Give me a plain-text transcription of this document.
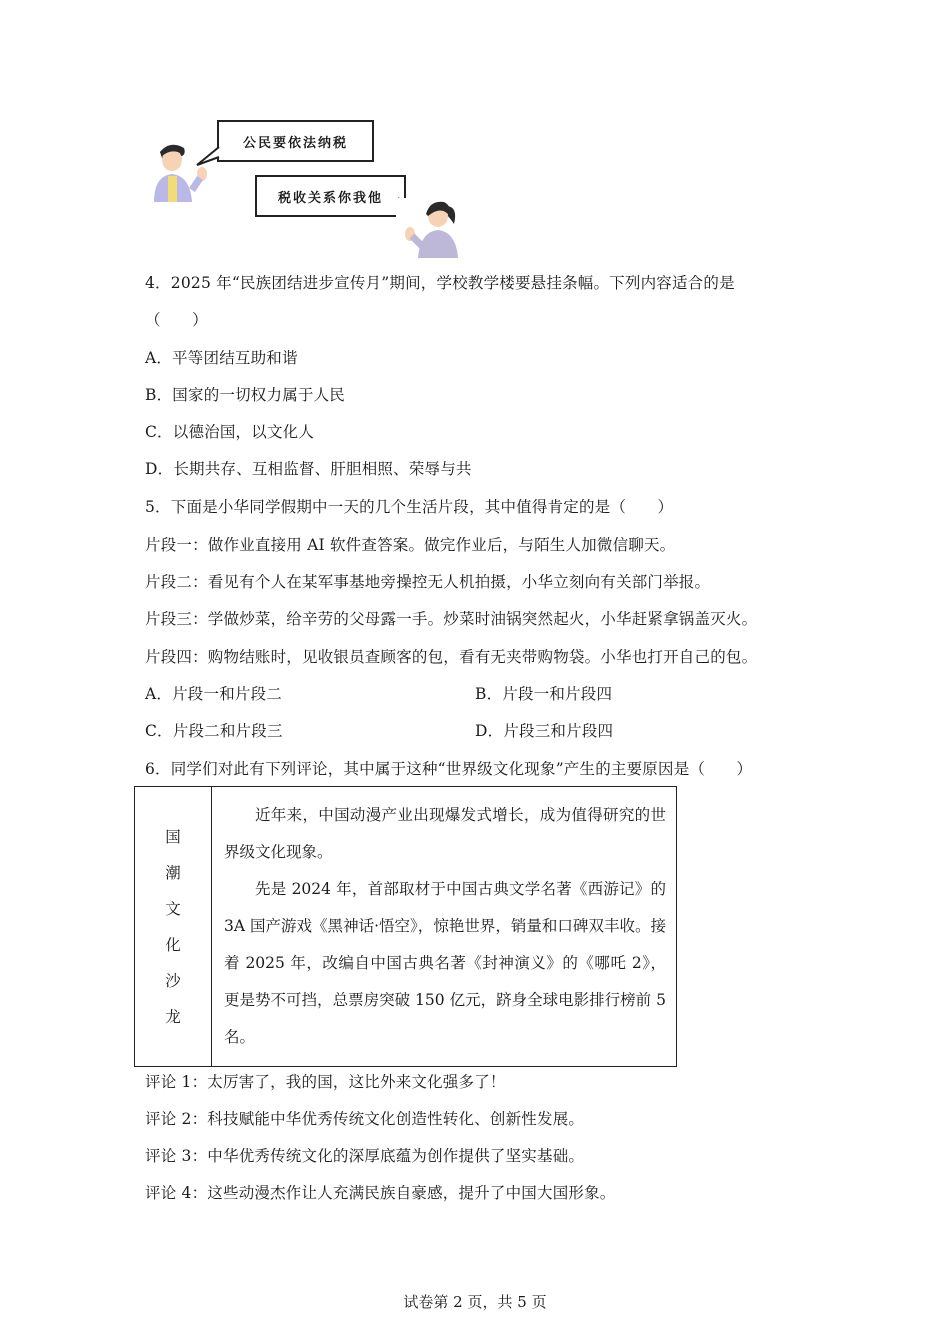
公民要依法纳税
税收关系你我他
4．2025 年“民族团结进步宣传月”期间，学校教学楼要悬挂条幅。下列内容适合的是
（　　）
A．平等团结互助和谐
B．国家的一切权力属于人民
C．以德治国，以文化人
D．长期共存、互相监督、肝胆相照、荣辱与共
5．下面是小华同学假期中一天的几个生活片段，其中值得肯定的是（　　）
片段一：做作业直接用 AI 软件查答案。做完作业后，与陌生人加微信聊天。
片段二：看见有个人在某军事基地旁操控无人机拍摄，小华立刻向有关部门举报。
片段三：学做炒菜，给辛劳的父母露一手。炒菜时油锅突然起火，小华赶紧拿锅盖灭火。
片段四：购物结账时，见收银员查顾客的包，看有无夹带购物袋。小华也打开自己的包。
A．片段一和片段二	B．片段一和片段四
C．片段二和片段三	D．片段三和片段四
6．同学们对此有下列评论，其中属于这种“世界级文化现象”产生的主要原因是（　　）
国
潮
文
化
沙
龙

近年来，中国动漫产业出现爆发式增长，成为值得研究的世界级文化现象。

先是 2024 年，首部取材于中国古典文学名著《西游记》的 3A 国产游戏《黑神话·悟空》，惊艳世界，销量和口碑双丰收。接着 2025 年，改编自中国古典名著《封神演义》的《哪吒 2》，更是势不可挡，总票房突破 150 亿元，跻身全球电影排行榜前 5 名。

评论 1：太厉害了，我的国，这比外来文化强多了！
评论 2：科技赋能中华优秀传统文化创造性转化、创新性发展。
评论 3：中华优秀传统文化的深厚底蕴为创作提供了坚实基础。
评论 4：这些动漫杰作让人充满民族自豪感，提升了中国大国形象。
试卷第 2 页，共 5 页
